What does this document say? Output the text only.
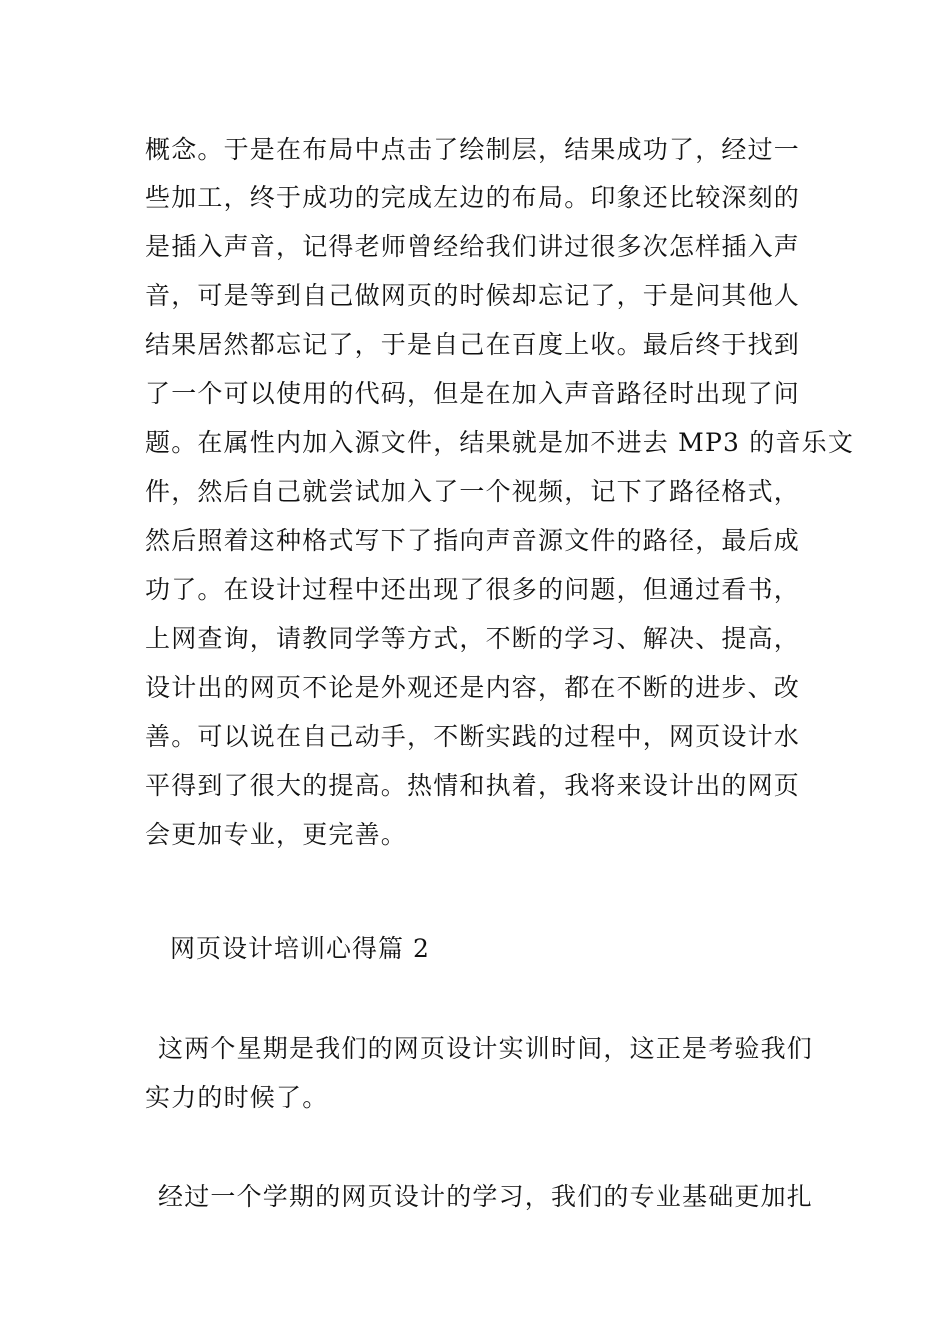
概念。于是在布局中点击了绘制层，结果成功了，经过一
些加工，终于成功的完成左边的布局。印象还比较深刻的
是插入声音，记得老师曾经给我们讲过很多次怎样插入声
音，可是等到自己做网页的时候却忘记了，于是问其他人
结果居然都忘记了，于是自己在百度上收。最后终于找到
了一个可以使用的代码，但是在加入声音路径时出现了问
题。在属性内加入源文件，结果就是加不进去 MP3 的音乐文
件，然后自己就尝试加入了一个视频，记下了路径格式，
然后照着这种格式写下了指向声音源文件的路径，最后成
功了。在设计过程中还出现了很多的问题，但通过看书，
上网查询，请教同学等方式，不断的学习、解决、提高，
设计出的网页不论是外观还是内容，都在不断的进步、改
善。可以说在自己动手，不断实践的过程中，网页设计水
平得到了很大的提高。热情和执着，我将来设计出的网页
会更加专业，更完善。
网页设计培训心得篇 2
这两个星期是我们的网页设计实训时间，这正是考验我们
实力的时候了。
经过一个学期的网页设计的学习，我们的专业基础更加扎
